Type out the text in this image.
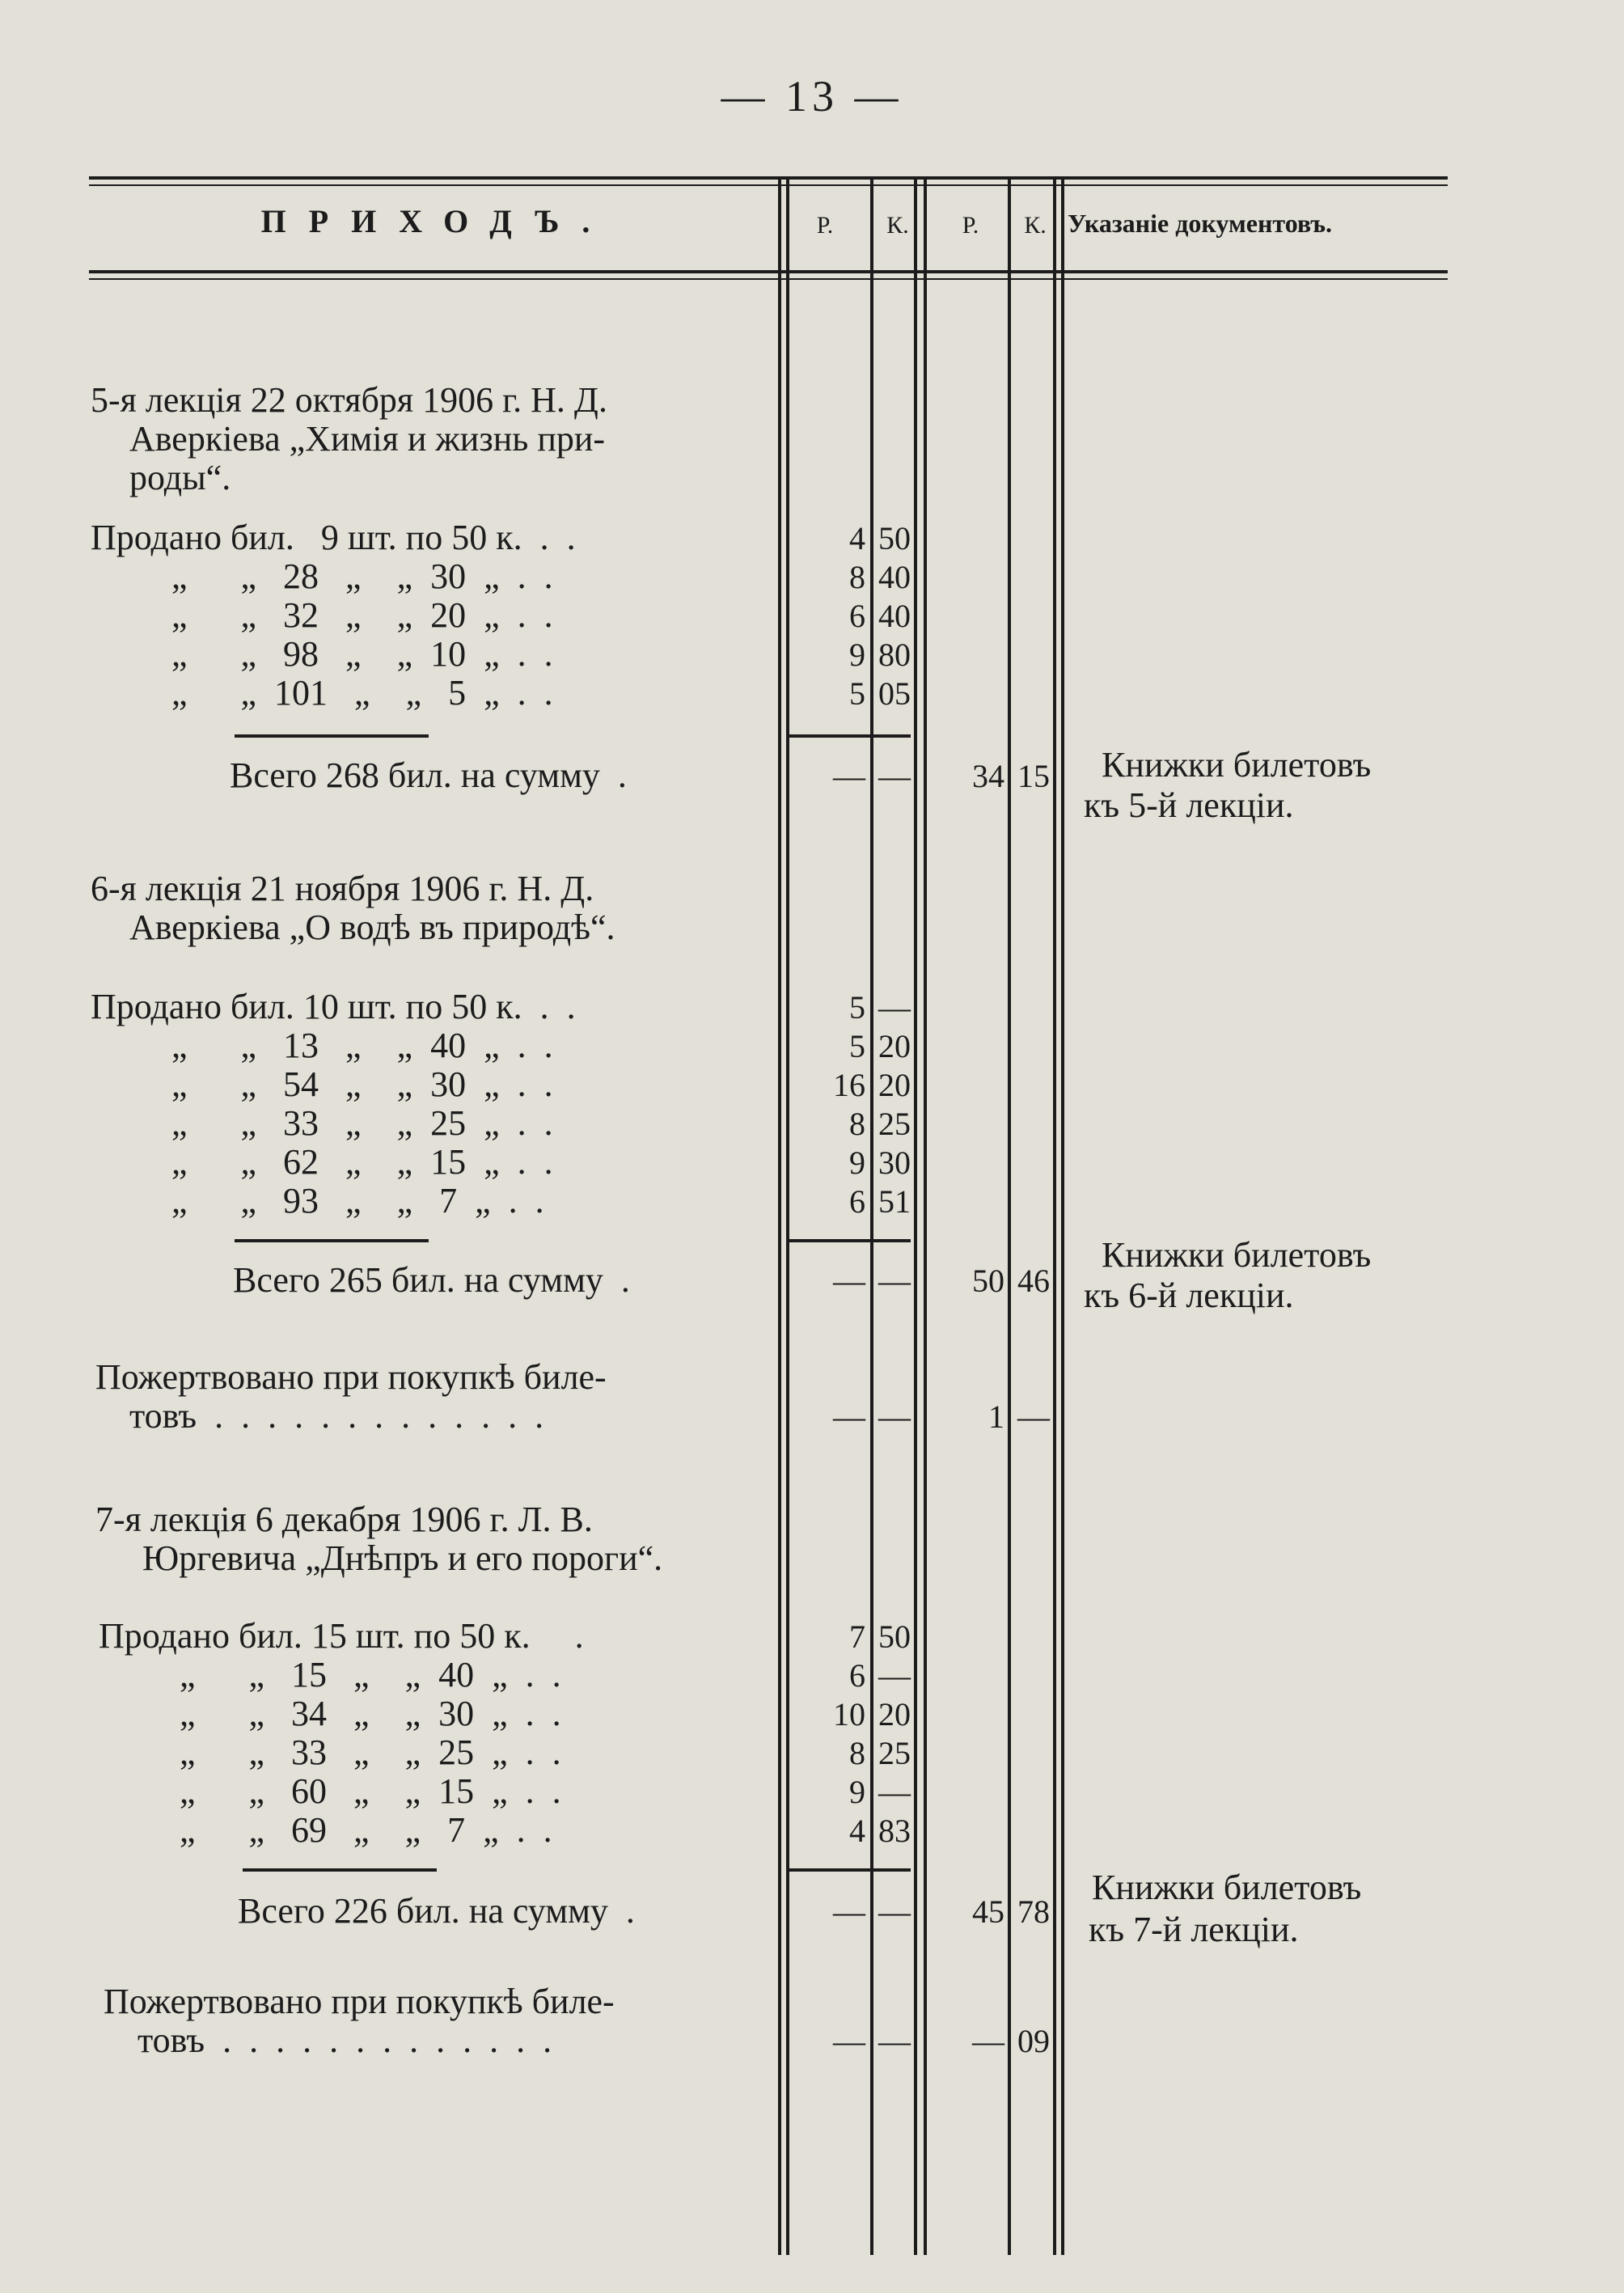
— 13 —
ПРИХОДЪ.	Р.	К.	Р.	К. Указаніе документовъ.
5-я лекція 22 октября 1906 г. Н. Д.
Аверкіева „Химія и жизнь при-
роды“.
Продано бил.   9 шт. по 50 к.  .  .	4 50
„      „   28   „    „  30  „  .  .	8 40
„      „   32   „    „  20  „  .  .	6 40
„      „   98   „    „  10  „  .  .	9 80
„      „  101   „    „   5  „  .  .	5 05
Всего 268 бил. на сумму  .	— —	34 15 Книжки билетовъ
къ 5-й лекціи.
6-я лекція 21 ноября 1906 г. Н. Д.
Аверкіева „О водѣ въ природѣ“.
Продано бил. 10 шт. по 50 к.  .  .	5 —
„      „   13   „    „  40  „  .  .	5 20
„      „   54   „    „  30  „  .  .	16 20
„      „   33   „    „  25  „  .  .	8 25
„      „   62   „    „  15  „  .  .	9 30
„      „   93   „    „   7  „  .  .	6 51
Всего 265 бил. на сумму  .	— —	50 46
Книжки билетовъ
къ 6-й лекціи.
Пожертвовано при покупкѣ биле-
товъ  .  .  .  .  .  .  .  .  .  .  .  .  .	— —	1 —
7-я лекція 6 декабря 1906 г. Л. В.
Юргевича „Днѣпръ и его пороги“.
Продано бил. 15 шт. по 50 к.     .	7 50
„      „   15   „    „  40  „  .  .	6 —
„      „   34   „    „  30  „  .  .	10 20
„      „   33   „    „  25  „  .  .	8 25
„      „   60   „    „  15  „  .  .	9 —
„      „   69   „    „   7  „  .  .	4 83
Всего 226 бил. на сумму  .	— —	45 78
Книжки билетовъ
къ 7-й лекціи.
Пожертвовано при покупкѣ биле-
товъ  .  .  .  .  .  .  .  .  .  .  .  .  .	— —	— 09
